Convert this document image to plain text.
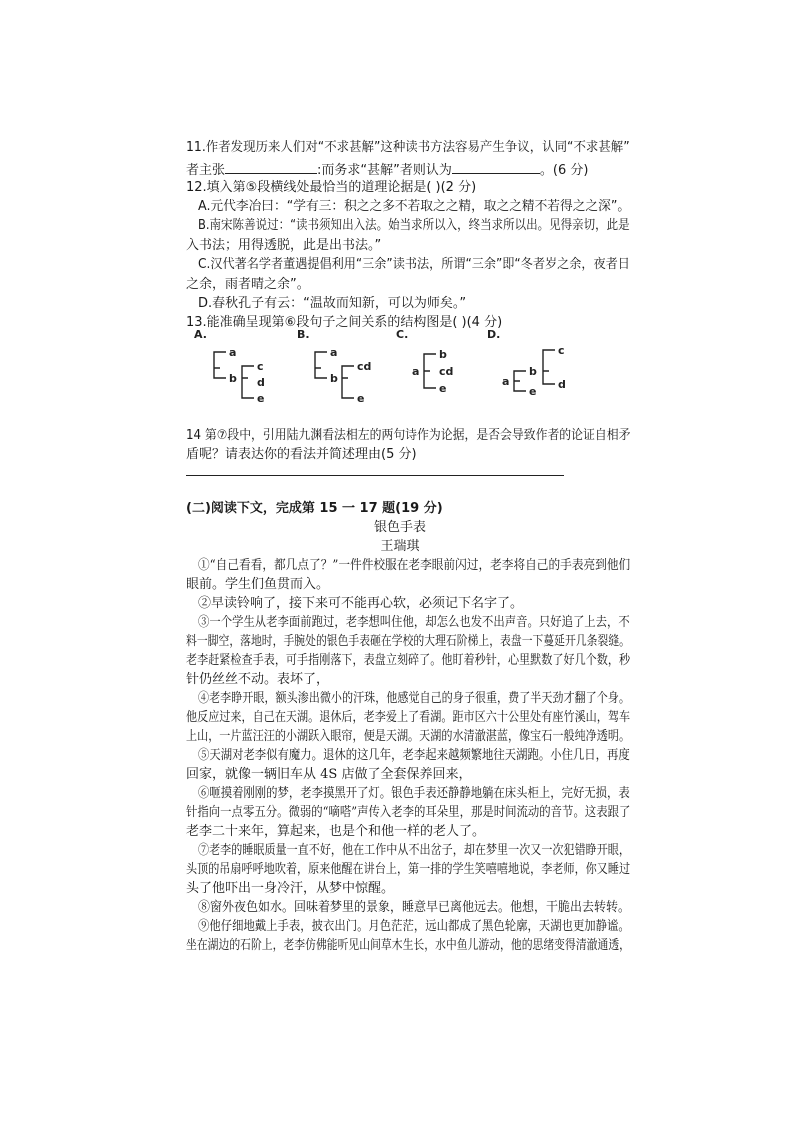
11.作者发现历来人们对“不求甚解”这种读书方法容易产生争议，认同“不求甚解”
者主张	:而务求“甚解”者则认为	。(6 分)
12.填入第⑤段横线处最恰当的道理论据是( )(2 分)
A.元代李冶曰：“学有三：积之之多不若取之之精，取之之精不若得之之深”。
B.南宋陈善说过：“读书须知出入法。始当求所以入，终当求所以出。见得亲切，此是
入书法；用得透脱，此是出书法。”
C.汉代著名学者董遇提倡利用“三余”读书法，所谓“三余”即“冬者岁之余，夜者日
之余，雨者晴之余”。
D.春秋孔子有云：“温故而知新，可以为师矣。”
13.能准确呈现第⑥段句子之间关系的结构图是( )(4 分)
A.
a
b
c
d
e
B.
a
b
cd
e
C.
a
b
cd
e
D.
a
b
c
d
e
14 第⑦段中，引用陆九渊看法相左的两句诗作为论据，是否会导致作者的论证自相矛
盾呢？请表达你的看法并简述理由(5 分)
(二)阅读下文，完成第 15 一 17 题(19 分)
银色手表
王瑞琪
①“自己看看，都几点了？”一件件校服在老李眼前闪过，老李将自己的手表亮到他们
眼前。学生们鱼贯而入。
②早读铃响了，接下来可不能再心软，必须记下名字了。
③一个学生从老李面前跑过，老李想叫住他，却怎么也发不出声音。只好追了上去，不
料一脚空，落地时，手腕处的银色手表砸在学校的大理石阶梯上，表盘一下蔓延开几条裂缝。
老李赶紧检查手表，可手指刚落下，表盘立刻碎了。他盯着秒针，心里默数了好几个数，秒
针仍丝丝不动。表坏了，
④老李睁开眼，额头渗出微小的汗珠，他感觉自己的身子很重，费了半天劲才翻了个身。
他反应过来，自己在天湖。退休后，老李爱上了看湖。距市区六十公里处有座竹溪山，驾车
上山，一片蓝汪汪的小湖跃入眼帘，便是天湖。天湖的水清澈湛蓝，像宝石一般纯净透明。
⑤天湖对老李似有魔力。退休的这几年，老李起来越频繁地往天湖跑。小住几日，再度
回家，就像一辆旧车从 4S 店做了全套保养回来，
⑥咂摸着刚刚的梦，老李摸黑开了灯。银色手表还静静地躺在床头柜上，完好无损，表
针指向一点零五分。微弱的“嘀嗒”声传入老李的耳朵里，那是时间流动的音节。这表跟了
老李二十来年，算起来，也是个和他一样的老人了。
⑦老李的睡眠质量一直不好，他在工作中从不出岔子，却在梦里一次又一次犯错睁开眼，
头顶的吊扇呼呼地吹着，原来他醒在讲台上，第一排的学生笑嘻嘻地说，李老师，你又睡过
头了他吓出一身冷汗，从梦中惊醒。
⑧窗外夜色如水。回味着梦里的景象，睡意早已离他远去。他想，干脆出去转转。
⑨他仔细地戴上手表，披衣出门。月色茫茫，远山都成了黑色轮廓，天湖也更加静谧。
坐在湖边的石阶上，老李仿佛能听见山间草木生长，水中鱼儿游动，他的思绪变得清澈通透，
